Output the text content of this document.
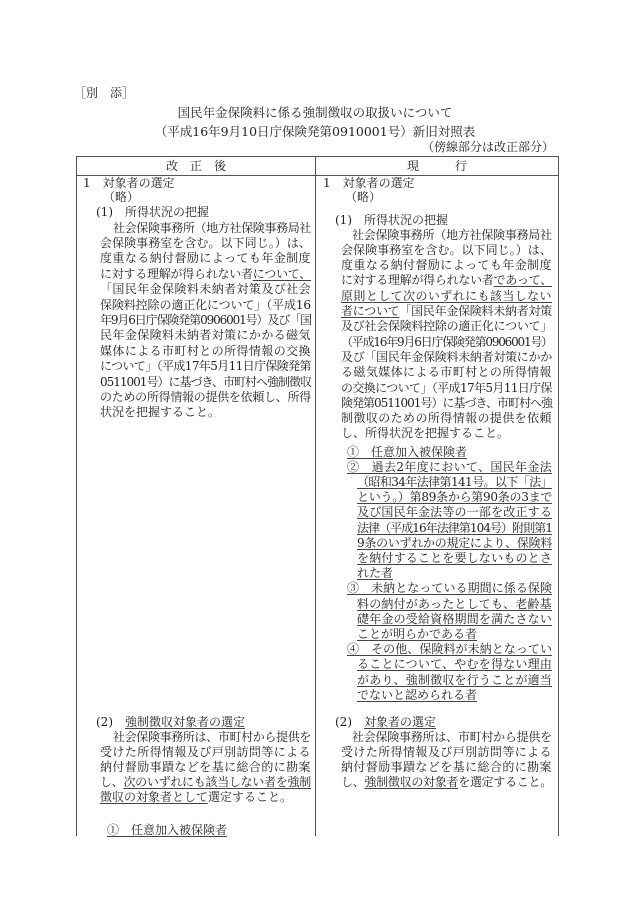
［別　添］
国民年金保険料に係る強制徴収の取扱いについて
（平成16年9月10日庁保険発第0910001号）新旧対照表
（傍線部分は改正部分）
改　正　後	現　　　行
1　対象者の選定
（略）
(1)　所得状況の把握
社会保険事務所（地方社保険事務局社
会保険事務室を含む。以下同じ。）は、
度重なる納付督励によっても年金制度
に対する理解が得られない者について、
「国民年金保険料未納者対策及び社会
保険料控除の適正化について」（平成16
年9月6日庁保険発第0906001号）及び「国
民年金保険料未納者対策にかかる磁気
媒体による市町村との所得情報の交換
について」（平成17年5月11日庁保険発第
0511001号）に基づき、市町村へ強制徴収
のための所得情報の提供を依頼し、所得
状況を把握すること。
(2)　強制徴収対象者の選定
社会保険事務所は、市町村から提供を
受けた所得情報及び戸別訪問等による
納付督励事蹟などを基に総合的に勘案
し、次のいずれにも該当しない者を強制
徴収の対象者として選定すること。
①　任意加入被保険者
1　対象者の選定
（略）
(1)　所得状況の把握
社会保険事務所（地方社保険事務局社
会保険事務室を含む。以下同じ。）は、
度重なる納付督励によっても年金制度
に対する理解が得られない者であって、
原則として次のいずれにも該当しない
者について「国民年金保険料未納者対策
及び社会保険料控除の適正化について」
（平成16年9月6日庁保険発第0906001号）
及び「国民年金保険料未納者対策にかか
る磁気媒体による市町村との所得情報
の交換について」（平成17年5月11日庁保
険発第0511001号）に基づき、市町村へ強
制徴収のための所得情報の提供を依頼
し、所得状況を把握すること。
①　任意加入被保険者
②　過去2年度において、国民年金法
（昭和34年法律第141号。以下「法」
という。）第89条から第90条の3まで
及び国民年金法等の一部を改正する
法律（平成16年法律第104号）附則第1
9条のいずれかの規定により、保険料
を納付することを要しないものとさ
れた者
③　未納となっている期間に係る保険
料の納付があったとしても、老齢基
礎年金の受給資格期間を満たさない
ことが明らかである者
④　その他、保険料が未納となってい
ることについて、やむを得ない理由
があり、強制徴収を行うことが適当
でないと認められる者
(2)　対象者の選定
社会保険事務所は、市町村から提供を
受けた所得情報及び戸別訪問等による
納付督励事蹟などを基に総合的に勘案
し、強制徴収の対象者を選定すること。
